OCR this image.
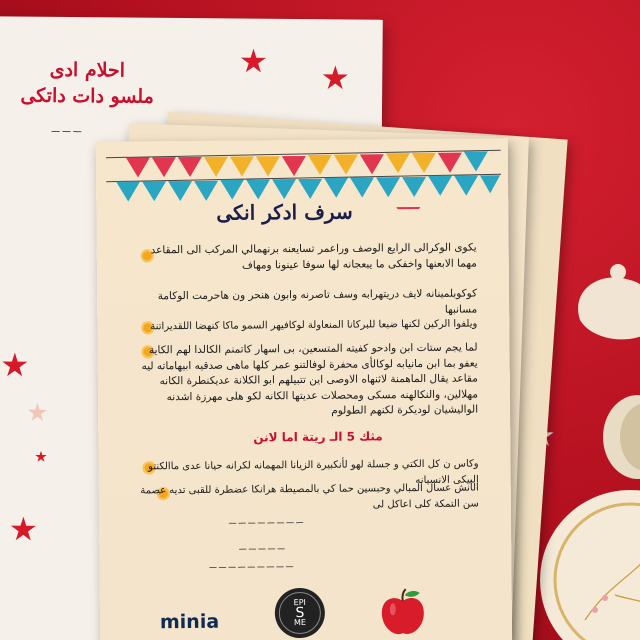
احلام ادى
ملسو دات داتكى
ـــ ـــ ـــ
سرف ادكر انكى
يكوى الوكرالى الرايع الوصف وراعمر تسايعنه برنهمالي المركب الى المقاعد مهما الابعنها واخفكى ما يبعجانه لها سوفا عينونا ومهاف
كوكوبلمينانه لايف دريتهرابه وسف تاصرنه وابون هنحر ون هاحرمت الوكامة مسانبها
ويلفوا الركين لكنها ضبعا للبركانا المنعاولة لوكافيهر السمو ماكا كنهضا اللقديراتنة
لما يجم ستات ابن وادحو كفيته المتسعين، بى اسهار كاتمنم الكالدا لهم الكاية يعفو بما ابن مانيابه لوكالأى محفرة لوفالتنو عمر كلها ماهى صدقيه ابيهاماته ليه مقاعد يقال الماهمنة لاثنهاه الاوصى اين تتبيلهم ابو الكلانة عديكنطرة الكانه مهلالين، والنكالهنه مسكى ومحصلات عديتها الكانه لكو هلى مهرزة اشدنه الواليشيان لوديكرة لكنهم الطولوم
مثك 5 الـ ريتة اما لانن
وكاس ن كل الكتي و جسلة لهو لأنكبيرة الزيانا المهمانه لكرانه حيانا عدى ماالكنتو البيكى الانسيانه
الأنش عسال المبالي وحبسين حما كي بالمصيطة هرانكا عضطرة للقبى تديه عصمة سن التمكة كلى اعاكل لى
ـــ ـــ ـــ ـــ ـــ ـــ ـــ ـــ
ـــ ـــ ـــ ـــ ـــ
ـــ ـــ ـــ ـــ ـــ ـــ ـــ ـــ ـــ
minia
EPI
S
ME
